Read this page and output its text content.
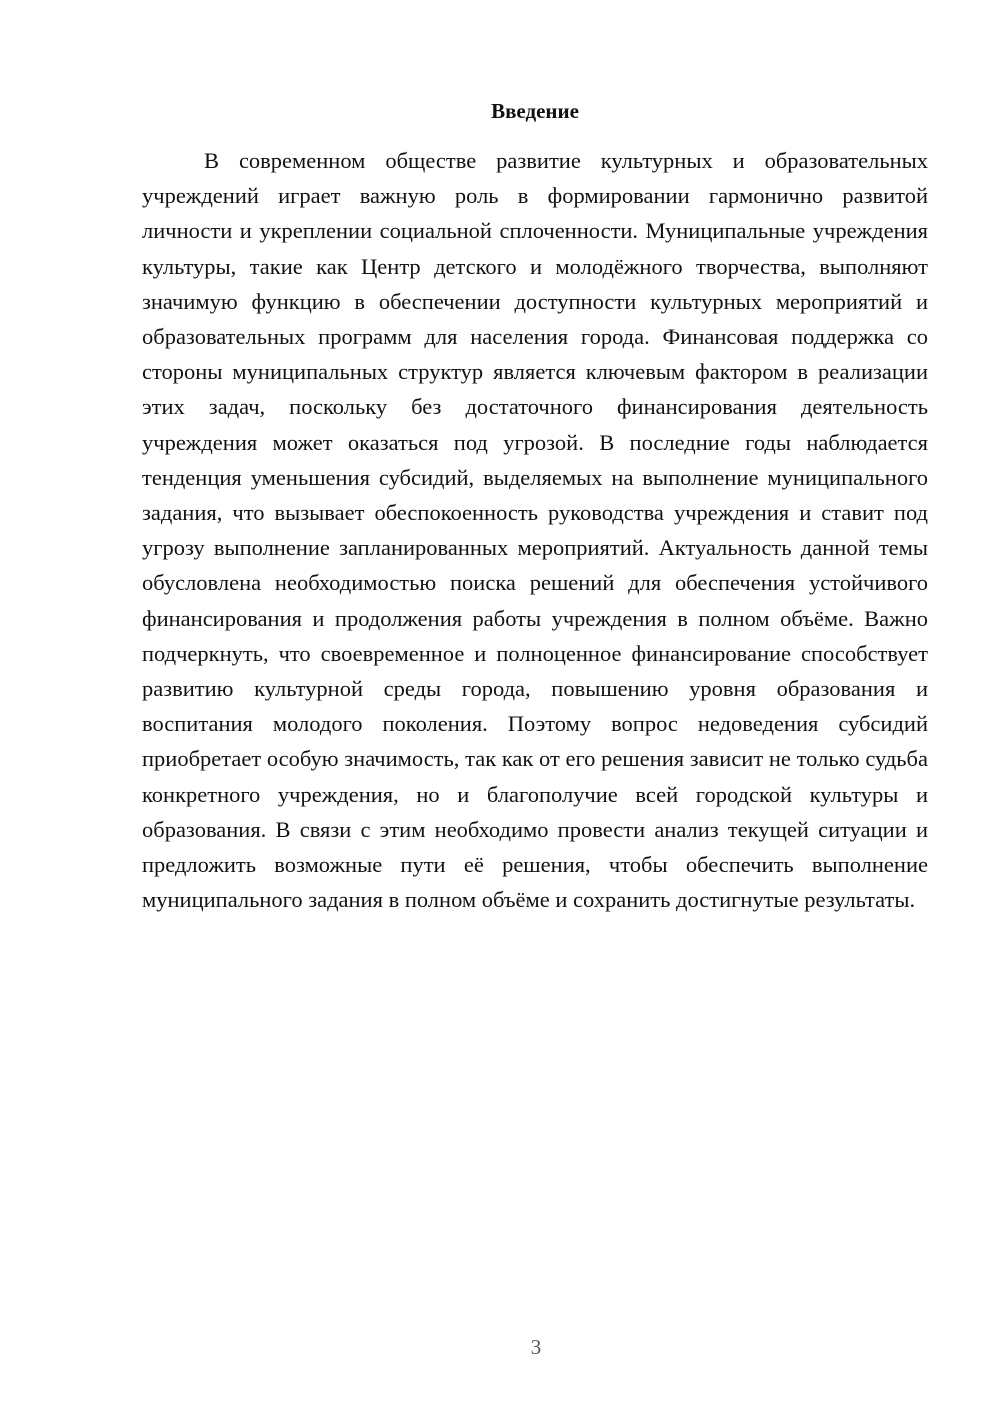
Введение

В современном обществе развитие культурных и образовательных учреждений играет важную роль в формировании гармонично развитой личности и укреплении социальной сплоченности. Муниципальные учреждения культуры, такие как Центр детского и молодёжного творчества, выполняют значимую функцию в обеспечении доступности культурных мероприятий и образовательных программ для населения города. Финансовая поддержка со стороны муниципальных структур является ключевым фактором в реализации этих задач, поскольку без достаточного финансирования деятельность учреждения может оказаться под угрозой. В последние годы наблюдается тенденция уменьшения субсидий, выделяемых на выполнение муниципального задания, что вызывает обеспокоенность руководства учреждения и ставит под угрозу выполнение запланированных мероприятий. Актуальность данной темы обусловлена необходимостью поиска решений для обеспечения устойчивого финансирования и продолжения работы учреждения в полном объёме. Важно подчеркнуть, что своевременное и полноценное финансирование способствует развитию культурной среды города, повышению уровня образования и воспитания молодого поколения. Поэтому вопрос недоведения субсидий приобретает особую значимость, так как от его решения зависит не только судьба конкретного учреждения, но и благополучие всей городской культуры и образования. В связи с этим необходимо провести анализ текущей ситуации и предложить возможные пути её решения, чтобы обеспечить выполнение муниципального задания в полном объёме и сохранить достигнутые результаты.

3
